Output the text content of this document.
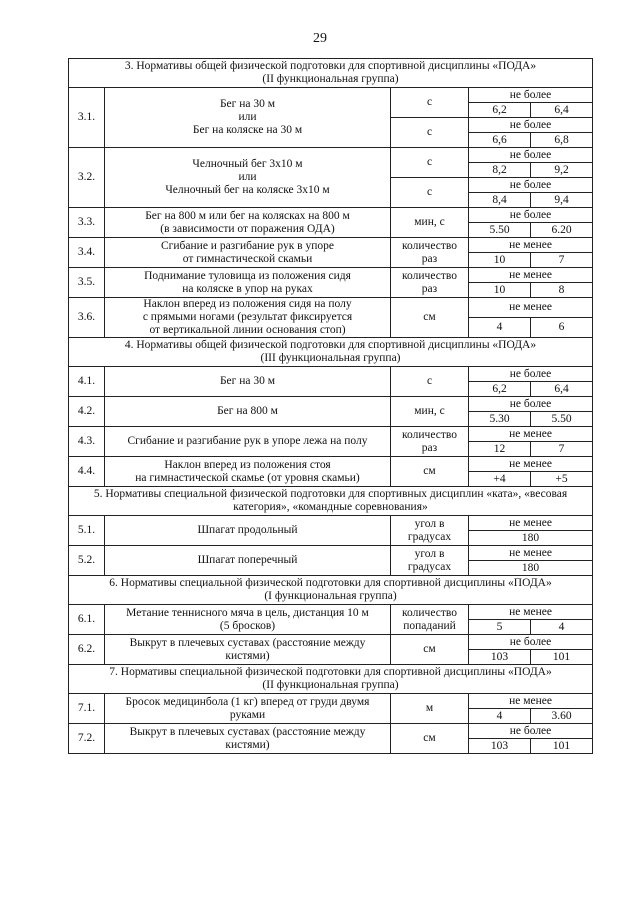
29
3. Нормативы общей физической подготовки для спортивной дисциплины «ПОДА»
(II функциональная группа)				

3.1.	Бег на 30 м
или
Бег на коляске на 30 м	с	не более	
			6,2	6,4
		с	не более	
			6,6	6,8
3.2.	Челночный бег 3х10 м
или
Челночный бег на коляске 3х10 м	с	не более	
			8,2	9,2
		с	не более	
			8,4	9,4
3.3.	Бег на 800 м или бег на колясках на 800 м
(в зависимости от поражения ОДА)	мин, с	не более	
			5.50	6.20
3.4.	Сгибание и разгибание рук в упоре
от гимнастической скамьи	количество раз	не менее	
			10	7
3.5.	Поднимание туловища из положения сидя
на коляске в упор на руках	количество раз	не менее	
			10	8
3.6.	Наклон вперед из положения сидя на полу
с прямыми ногами (результат фиксируется
от вертикальной линии основания стоп)	см	не менее	
			4	6

4. Нормативы общей физической подготовки для спортивной дисциплины «ПОДА»
(III функциональная группа)				

4.1.	Бег на 30 м	с	не более	
			6,2	6,4
4.2.	Бег на 800 м	мин, с	не более	
			5.30	5.50
4.3.	Сгибание и разгибание рук в упоре лежа на полу	количество раз	не менее	
			12	7
4.4.	Наклон вперед из положения стоя
на гимнастической скамье (от уровня скамьи)	см	не менее	
			+4	+5

5. Нормативы специальной физической подготовки для спортивных дисциплин «ката», «весовая категория», «командные соревнования»				

5.1.	Шпагат продольный	угол в градусах	не менее	
			180	
5.2.	Шпагат поперечный	угол в градусах	не менее	
			180	

6. Нормативы специальной физической подготовки для спортивной дисциплины «ПОДА»
(I функциональная группа)				

6.1.	Метание теннисного мяча в цель, дистанция 10 м
(5 бросков)	количество попаданий	не менее	
			5	4
6.2.	Выкрут в плечевых суставах (расстояние между
кистями)	см	не более	
			103	101

7. Нормативы специальной физической подготовки для спортивной дисциплины «ПОДА»
(II функциональная группа)				

7.1.	Бросок медицинбола (1 кг) вперед от груди двумя
руками	м	не менее	
			4	3.60
7.2.	Выкрут в плечевых суставах (расстояние между
кистями)	см	не более	
			103	101
